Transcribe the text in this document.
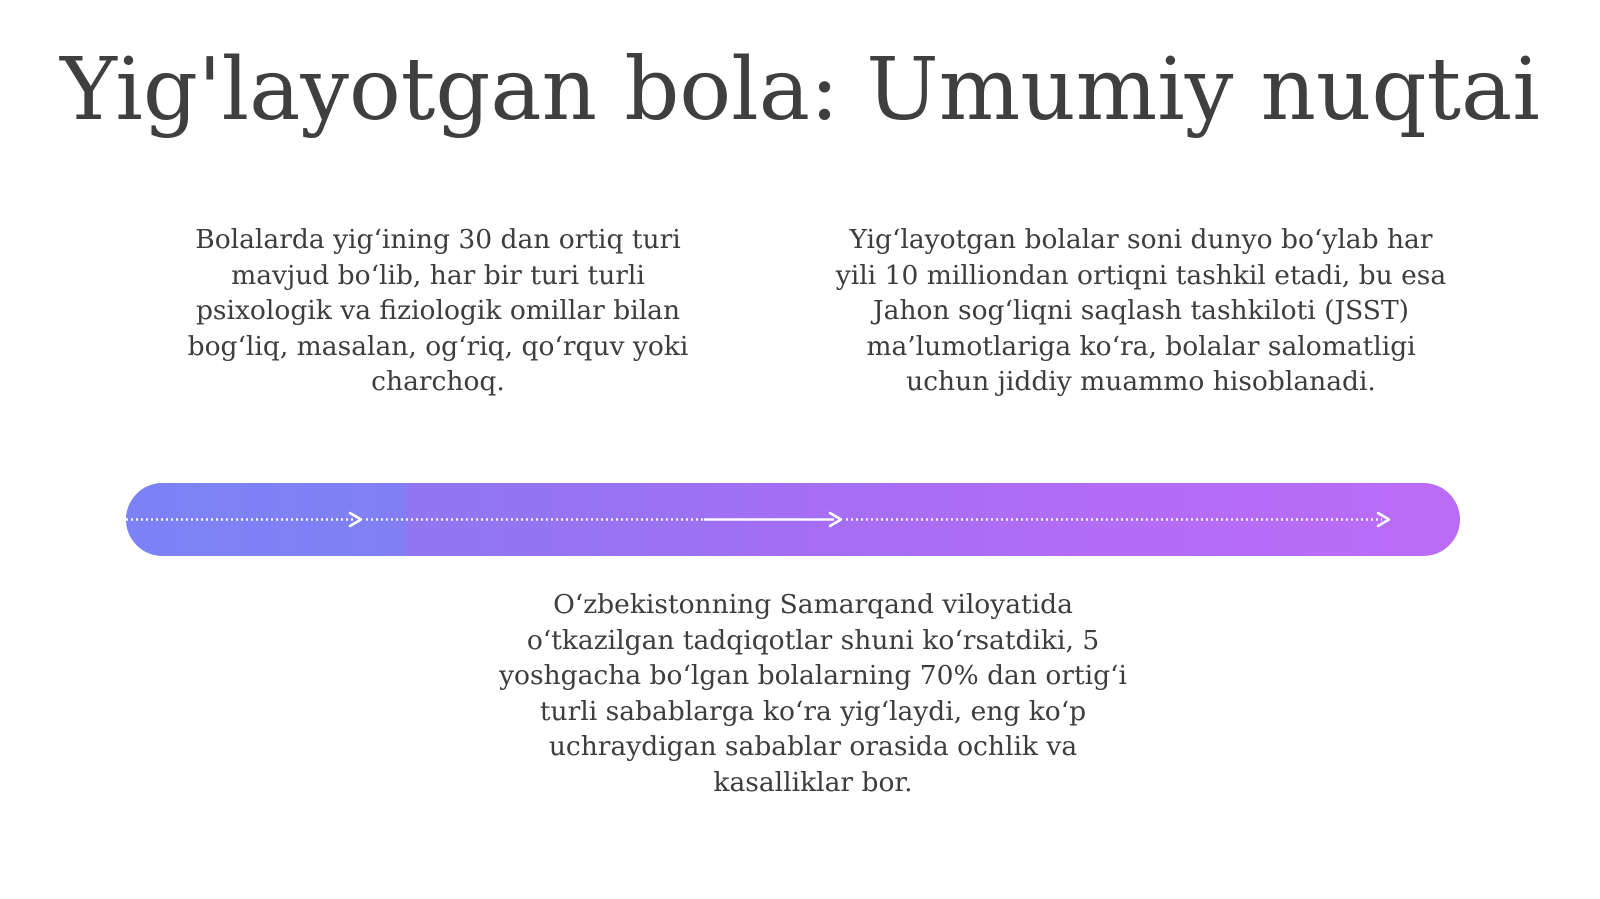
Yig'layotgan bola: Umumiy nuqtai

Bolalarda yig‘ining 30 dan ortiq turi mavjud bo‘lib, har bir turi turli psixologik va fiziologik omillar bilan bog‘liq, masalan, og‘riq, qo‘rquv yoki charchoq.

Yig‘layotgan bolalar soni dunyo bo‘ylab har yili 10 milliondan ortiqni tashkil etadi, bu esa Jahon sog‘liqni saqlash tashkiloti (JSST) ma’lumotlariga ko‘ra, bolalar salomatligi uchun jiddiy muammo hisoblanadi.

O‘zbekistonning Samarqand viloyatida o‘tkazilgan tadqiqotlar shuni ko‘rsatdiki, 5 yoshgacha bo‘lgan bolalarning 70% dan ortig‘i turli sabablarga ko‘ra yig‘laydi, eng ko‘p uchraydigan sabablar orasida ochlik va kasalliklar bor.
